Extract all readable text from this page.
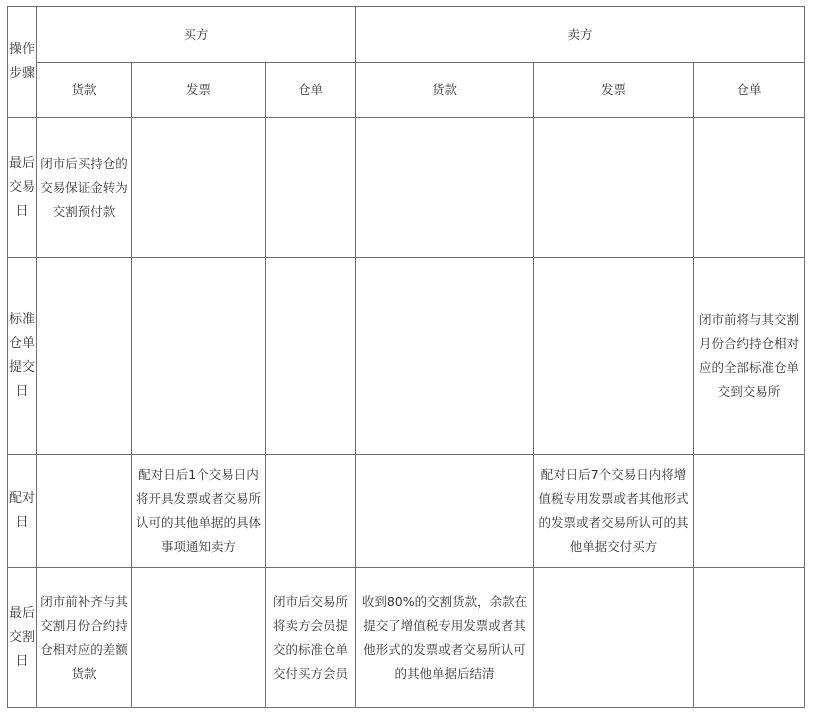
操作步骤	买方			卖方		
	货款	发票	仓单	货款	发票	仓单
最后交易日	闭市后买持仓的交易保证金转为交割预付款					
标准仓单提交日						闭市前将与其交割月份合约持仓相对应的全部标准仓单交到交易所
配对日		配对日后1个交易日内将开具发票或者交易所认可的其他单据的具体事项通知卖方			配对日后7个交易日内将增值税专用发票或者其他形式的发票或者交易所认可的其他单据交付买方	
最后交割日	闭市前补齐与其交割月份合约持仓相对应的差额货款		闭市后交易所将卖方会员提交的标准仓单交付买方会员	收到80%的交割货款，余款在提交了增值税专用发票或者其他形式的发票或者交易所认可的其他单据后结清		
